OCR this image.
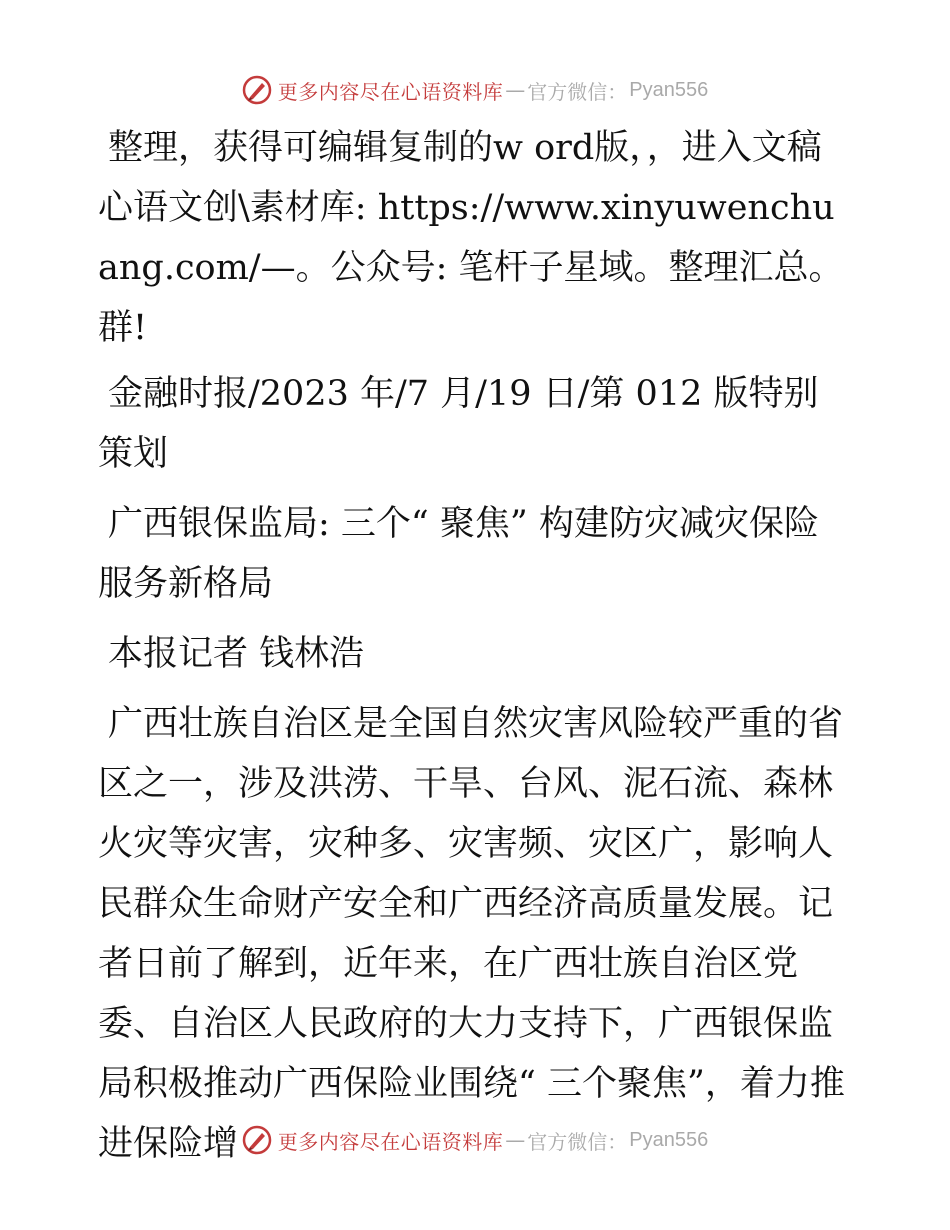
更多内容尽在心语资料库 — 官方微信： Pyan556

整理，获得可编辑复制的w ord版，，进入文稿心语文创\素材库: https://www.xinyuwenchuang.com/—。公众号: 笔杆子星域。整理汇总。群!

金融时报/2023 年/7 月/19 日/第 012 版特别策划

广西银保监局: 三个“ 聚焦” 构建防灾减灾保险服务新格局

本报记者 钱林浩

广西壮族自治区是全国自然灾害风险较严重的省区之一，涉及洪涝、干旱、台风、泥石流、森林火灾等灾害，灾种多、灾害频、灾区广，影响人民群众生命财产安全和广西经济高质量发展。记者日前了解到，近年来，在广西壮族自治区党委、自治区人民政府的大力支持下，广西银保监局积极推动广西保险业围绕“ 三个聚焦”，着力推进保险增	更多内容尽在心语资料库 — 官方微信： Pyan556
